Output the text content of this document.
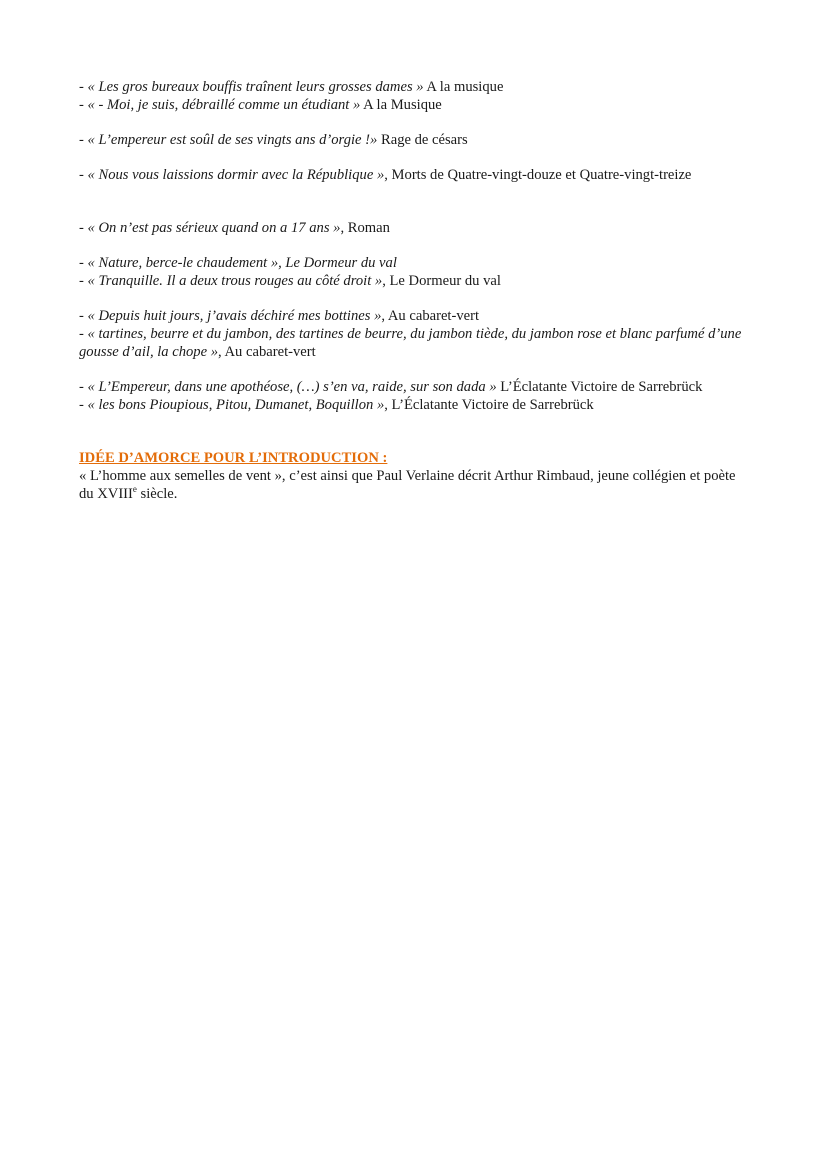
- « Les gros bureaux bouffis traînent leurs grosses dames » A la musique

- « - Moi, je suis, débraillé comme un étudiant » A la Musique

- « L’empereur est soûl de ses vingts ans d’orgie !» Rage de césars

- « Nous vous laissions dormir avec la République », Morts de Quatre-vingt-douze et Quatre-vingt-treize

- « On n’est pas sérieux quand on a 17 ans », Roman

- « Nature, berce-le chaudement », Le Dormeur du val

- « Tranquille. Il a deux trous rouges au côté droit », Le Dormeur du val

- « Depuis huit jours, j’avais déchiré mes bottines », Au cabaret-vert

- « tartines, beurre et du jambon, des tartines de beurre, du jambon tiède, du jambon rose et blanc parfumé d’une gousse d’ail, la chope », Au cabaret-vert

- « L’Empereur, dans une apothéose, (…) s’en va, raide, sur son dada » L’Éclatante Victoire de Sarrebrück

- « les bons Pioupious, Pitou, Dumanet, Boquillon », L’Éclatante Victoire de Sarrebrück

IDÉE D’AMORCE POUR L’INTRODUCTION :

« L’homme aux semelles de vent », c’est ainsi que Paul Verlaine décrit Arthur Rimbaud, jeune collégien et poète du XVIIIe siècle.
